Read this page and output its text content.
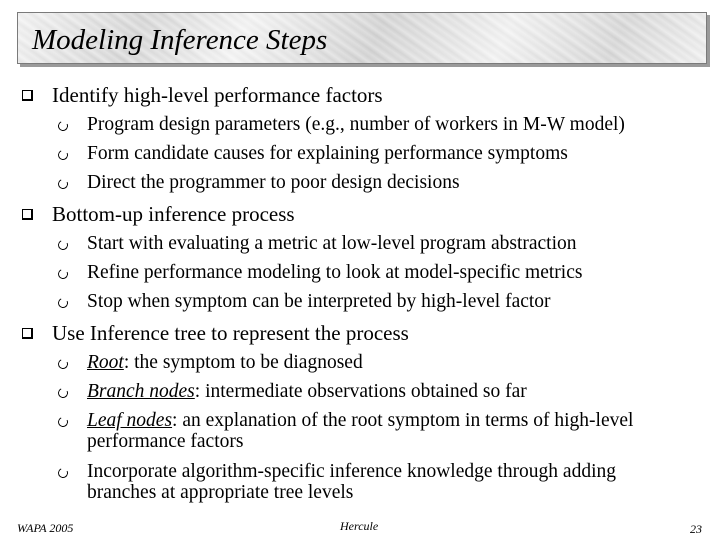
Modeling Inference Steps
Identify high-level performance factors
Program design parameters (e.g., number of workers in M-W model)
Form candidate causes for explaining performance symptoms
Direct the programmer to poor design decisions
Bottom-up inference process
Start with evaluating a metric at low-level program abstraction
Refine performance modeling to look at model-specific metrics
Stop when symptom can be interpreted by high-level factor
Use Inference tree to represent the process
Root: the symptom to be diagnosed
Branch nodes: intermediate observations obtained so far
Leaf nodes: an explanation of the root symptom in terms of high-level performance factors
Incorporate algorithm-specific inference knowledge through adding branches at appropriate tree levels
WAPA 2005	Hercule	23
